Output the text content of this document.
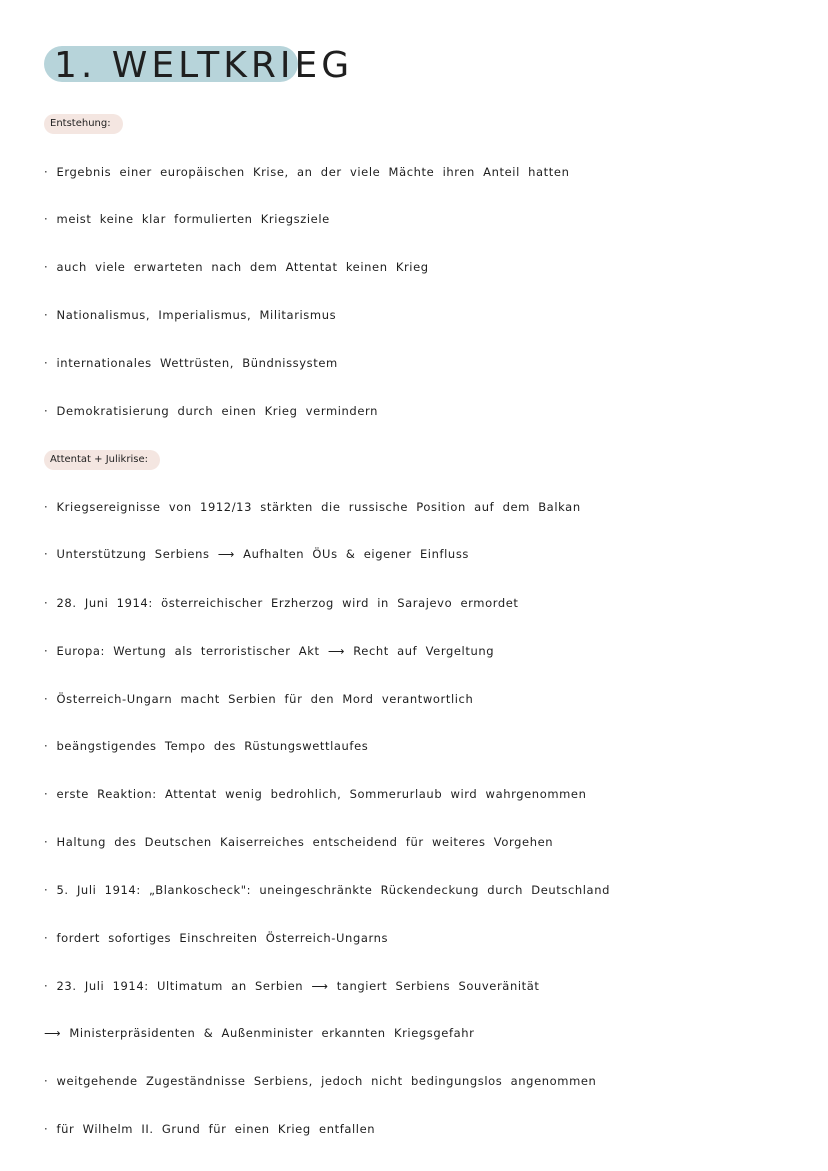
1. WELTKRIEG
Entstehung:
· Ergebnis einer europäischen Krise, an der viele Mächte ihren Anteil hatten
· meist keine klar formulierten Kriegsziele
· auch viele erwarteten nach dem Attentat keinen Krieg
· Nationalismus, Imperialismus, Militarismus
· internationales Wettrüsten, Bündnissystem
· Demokratisierung durch einen Krieg vermindern
Attentat + Julikrise:
· Kriegsereignisse von 1912/13 stärkten die russische Position auf dem Balkan
· Unterstützung Serbiens ⟶ Aufhalten ÖUs & eigener Einfluss
· 28. Juni 1914: österreichischer Erzherzog wird in Sarajevo ermordet
· Europa: Wertung als terroristischer Akt ⟶ Recht auf Vergeltung
· Österreich-Ungarn macht Serbien für den Mord verantwortlich
· beängstigendes Tempo des Rüstungswettlaufes
· erste Reaktion: Attentat wenig bedrohlich, Sommerurlaub wird wahrgenommen
· Haltung des Deutschen Kaiserreiches entscheidend für weiteres Vorgehen
· 5. Juli 1914: „Blankoscheck": uneingeschränkte Rückendeckung durch Deutschland
· fordert sofortiges Einschreiten Österreich-Ungarns
· 23. Juli 1914: Ultimatum an Serbien ⟶ tangiert Serbiens Souveränität
⟶ Ministerpräsidenten & Außenminister erkannten Kriegsgefahr
· weitgehende Zugeständnisse Serbiens, jedoch nicht bedingungslos angenommen
· für Wilhelm II. Grund für einen Krieg entfallen
